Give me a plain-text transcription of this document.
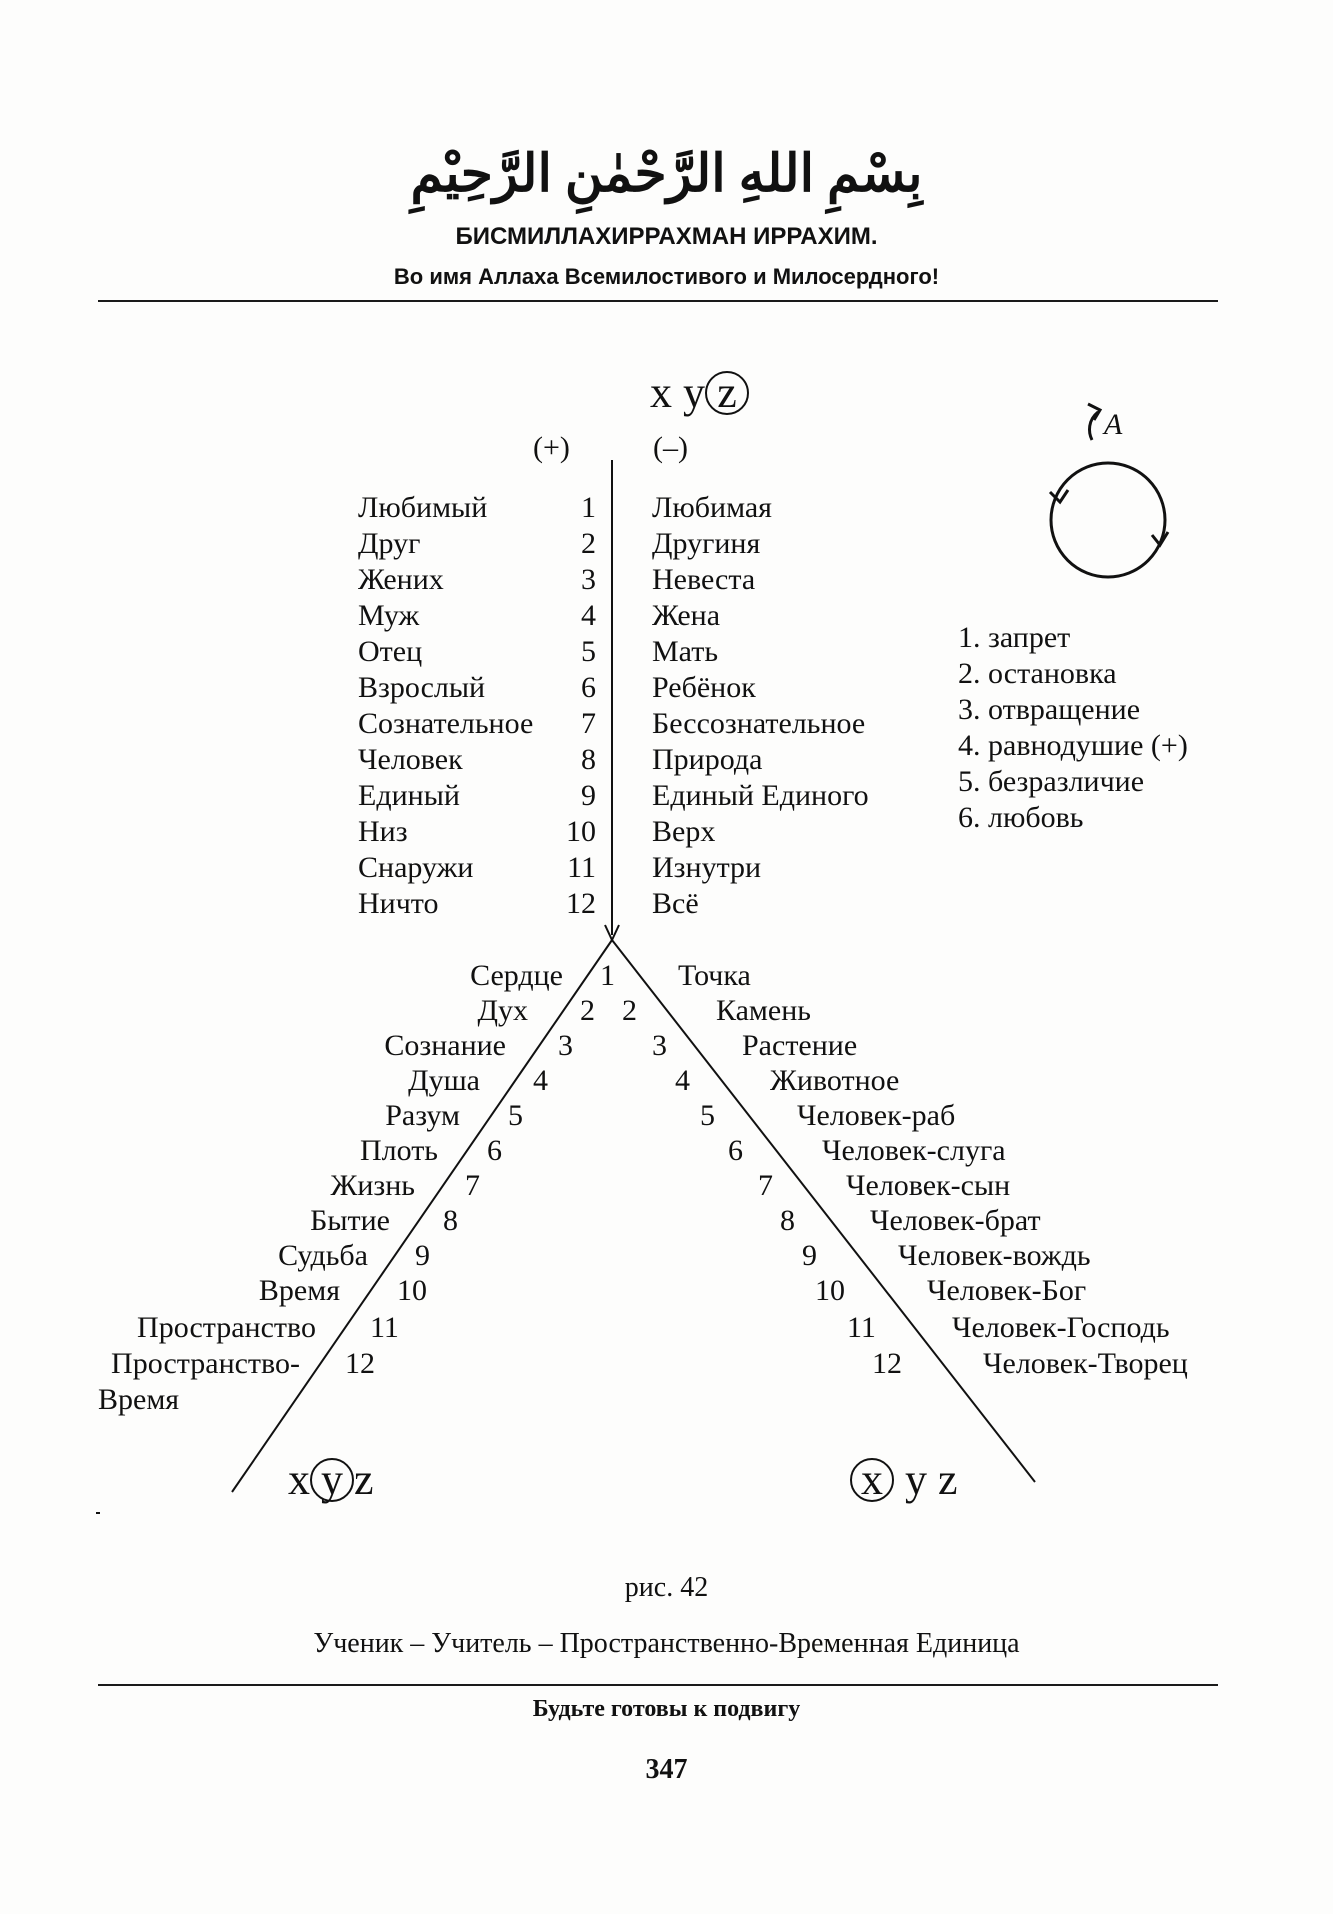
بِسْمِ اللهِ الرَّحْمٰنِ الرَّحِيْمِ
БИСМИЛЛАХИРРАХМАН ИРРАХИМ.
Во имя Аллаха Всемилостивого и Милосердного!
A
x y z
(+)	(–)
Любимый
Друг
Жених
Муж
Отец
Взрослый
Сознательное
Человек
Единый
Низ
Снаружи
Ничто
1
2
3
4
5
6
7
8
9
10
11
12
Любимая
Другиня
Невеста
Жена
Мать
Ребёнок
Бессознательное
Природа
Единый Единого
Верх
Изнутри
Всё
1. запрет
2. остановка
3. отвращение
4. равнодушие (+)
5. безразличие
6. любовь
Сердце
Дух
Сознание
Душа
Разум
Плоть
Жизнь
Бытие
Судьба
Время
Пространство
Пространство-
Время
1
2
3
4
5
6
7
8
9
10
11
12
2
3
4
5
6
7
8
9
10
11
12
Точка
Камень
Растение
Животное
Человек-раб
Человек-слуга
Человек-сын
Человек-брат
Человек-вождь
Человек-Бог
Человек-Господь
Человек-Творец
x y z	x y z
рис. 42
Ученик – Учитель – Пространственно-Временная Единица
Будьте готовы к подвигу
347
